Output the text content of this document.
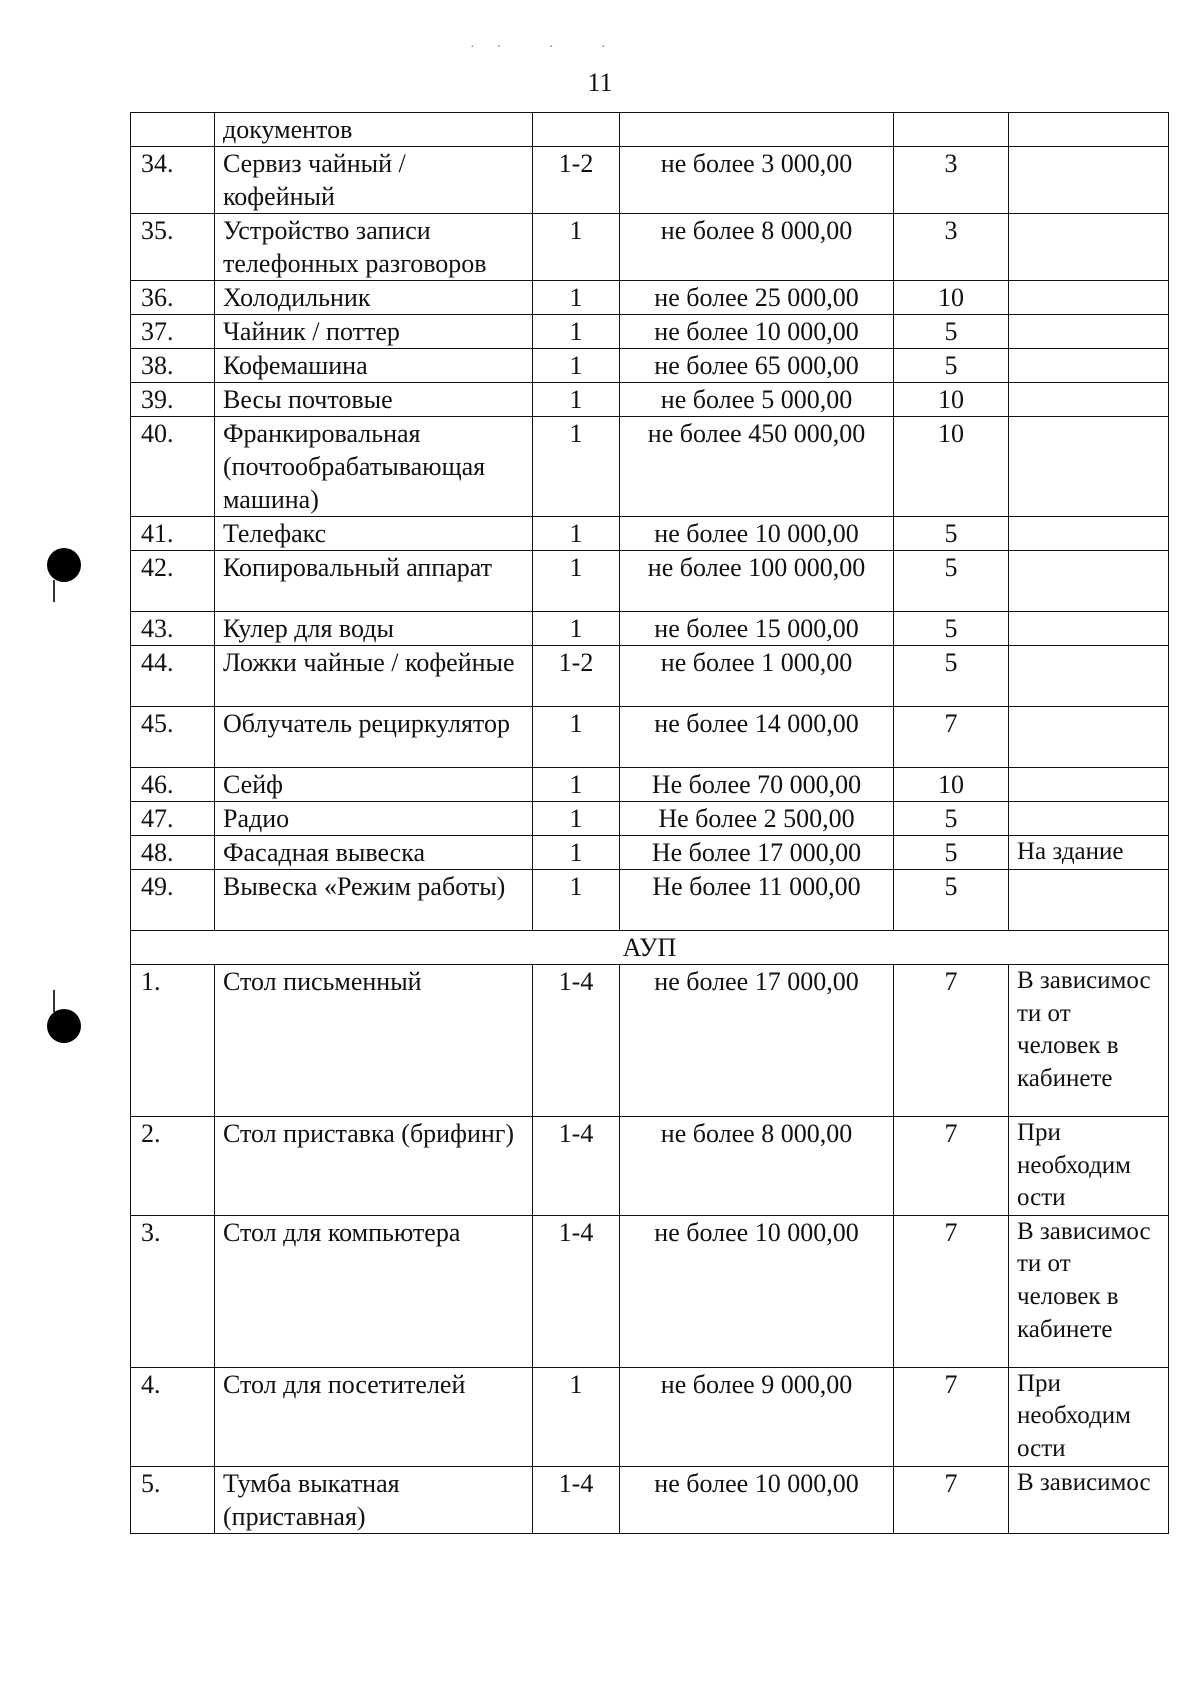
·· · ·
11
	документов				
34.	Сервиз чайный / кофейный	1-2	не более 3 000,00	3	
35.	Устройство записи телефонных разговоров	1	не более 8 000,00	3	
36.	Холодильник	1	не более 25 000,00	10	
37.	Чайник / поттер	1	не более 10 000,00	5	
38.	Кофемашина	1	не более 65 000,00	5	
39.	Весы почтовые	1	не более 5 000,00	10	
40.	Франкировальная (почтообрабатывающая машина)	1	не более 450 000,00	10	
41.	Телефакс	1	не более 10 000,00	5	
42.	Копировальный аппарат	1	не более 100 000,00	5	
43.	Кулер для воды	1	не более 15 000,00	5	
44.	Ложки чайные / кофейные	1-2	не более 1 000,00	5	
45.	Облучатель рециркулятор	1	не более 14 000,00	7	
46.	Сейф	1	Не более 70 000,00	10	
47.	Радио	1	Не более 2 500,00	5	
48.	Фасадная вывеска	1	Не более 17 000,00	5	На здание
49.	Вывеска «Режим работы)	1	Не более 11 000,00	5	
АУП					
1.	Стол письменный	1-4	не более 17 000,00	7	В зависимос ти от человек в кабинете
2.	Стол приставка (брифинг)	1-4	не более 8 000,00	7	При необходим ости
3.	Стол для компьютера	1-4	не более 10 000,00	7	В зависимос ти от человек в кабинете
4.	Стол для посетителей	1	не более 9 000,00	7	При необходим ости
5.	Тумба выкатная (приставная)	1-4	не более 10 000,00	7	В зависимос
